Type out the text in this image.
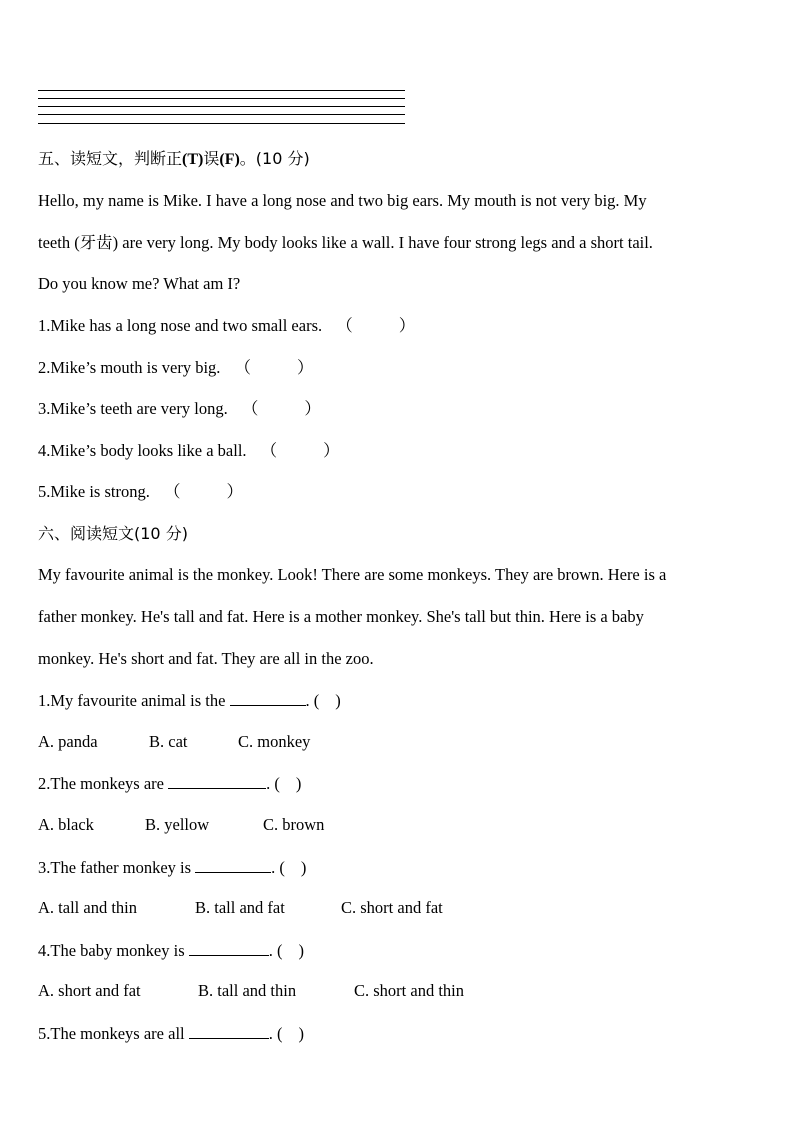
五、读短文，判断正(T)误(F)。(10 分)
Hello, my name is Mike. I have a long nose and two big ears. My mouth is not very big. My
teeth (牙齿) are very long. My body looks like a wall. I have four strong legs and a short tail.
Do you know me? What am I?
1.Mike has a long nose and two small ears. （	）
2.Mike’s mouth is very big. （	）
3.Mike’s teeth are very long. （	）
4.Mike’s body looks like a ball. （	）
5.Mike is strong. （	）
六、阅读短文(10 分)
My favourite animal is the monkey. Look! There are some monkeys. They are brown. Here is a
father monkey. He's tall and fat. Here is a mother monkey. She's tall but thin. Here is a baby
monkey. He's short and fat. They are all in the zoo.
1.My favourite animal is the	. ( )
A. panda	B. cat	C. monkey
2.The monkeys are	. ( )
A. black	B. yellow	C. brown
3.The father monkey is	. ( )
A. tall and thin	B. tall and fat	C. short and fat
4.The baby monkey is	. ( )
A. short and fat	B. tall and thin	C. short and thin
5.The monkeys are all	. ( )
